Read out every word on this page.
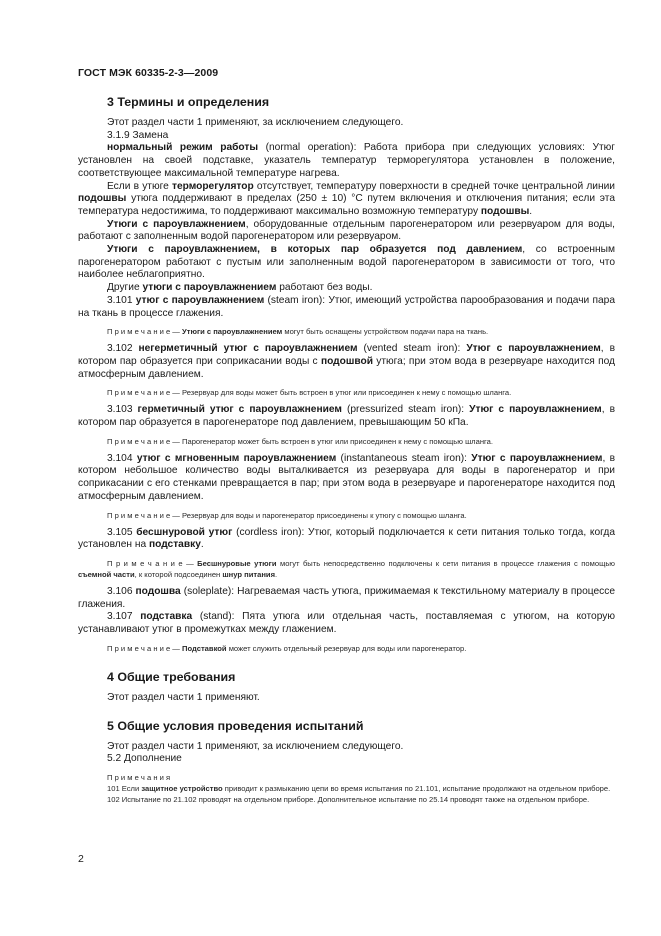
ГОСТ МЭК 60335-2-3—2009
3 Термины и определения

Этот раздел части 1 применяют, за исключением следующего.

3.1.9 Замена

нормальный режим работы (normal operation): Работа прибора при следующих условиях: Утюг установлен на своей подставке, указатель температур терморегулятора установлен в положение, соответствующее максимальной температуре нагрева.

Если в утюге терморегулятор отсутствует, температуру поверхности в средней точке центральной линии подошвы утюга поддерживают в пределах (250 ± 10) °С путем включения и отключения питания; если эта температура недостижима, то поддерживают максимально возможную температуру подошвы.

Утюги с пароувлажнением, оборудованные отдельным парогенератором или резервуаром для воды, работают с заполненным водой парогенератором или резервуаром.

Утюги с пароувлажнением, в которых пар образуется под давлением, со встроенным парогенератором работают с пустым или заполненным водой парогенератором в зависимости от того, что наиболее неблагоприятно.

Другие утюги с пароувлажнением работают без воды.

3.101 утюг с пароувлажнением (steam iron): Утюг, имеющий устройства парообразования и подачи пара на ткань в процессе глажения.

П р и м е ч а н и е — Утюги с пароувлажнением могут быть оснащены устройством подачи пара на ткань.

3.102 негерметичный утюг с пароувлажнением (vented steam iron): Утюг с пароувлажнением, в котором пар образуется при соприкасании воды с подошвой утюга; при этом вода в резервуаре находится под атмосферным давлением.

П р и м е ч а н и е — Резервуар для воды может быть встроен в утюг или присоединен к нему с помощью шланга.

3.103 герметичный утюг с пароувлажнением (pressurized steam iron): Утюг с пароувлажнением, в котором пар образуется в парогенераторе под давлением, превышающим 50 кПа.

П р и м е ч а н и е — Парогенератор может быть встроен в утюг или присоединен к нему с помощью шланга.

3.104 утюг с мгновенным пароувлажнением (instantaneous steam iron): Утюг с пароувлажнением, в котором небольшое количество воды выталкивается из резервуара для воды в парогенератор и при соприкасании с его стенками превращается в пар; при этом вода в резервуаре и парогенераторе находится под атмосферным давлением.

П р и м е ч а н и е — Резервуар для воды и парогенератор присоединены к утюгу с помощью шланга.

3.105 бесшнуровой утюг (cordless iron): Утюг, который подключается к сети питания только тогда, когда установлен на подставку.

П р и м е ч а н и е — Бесшнуровые утюги могут быть непосредственно подключены к сети питания в процессе глажения с помощью съемной части, к которой подсоединен шнур питания.

3.106 подошва (soleplate): Нагреваемая часть утюга, прижимаемая к текстильному материалу в процессе глажения.

3.107 подставка (stand): Пята утюга или отдельная часть, поставляемая с утюгом, на которую устанавливают утюг в промежутках между глажением.

П р и м е ч а н и е — Подставкой может служить отдельный резервуар для воды или парогенератор.

4 Общие требования

Этот раздел части 1 применяют.

5 Общие условия проведения испытаний

Этот раздел части 1 применяют, за исключением следующего.

5.2 Дополнение

П р и м е ч а н и я

101 Если защитное устройство приводит к размыканию цепи во время испытания по 21.101, испытание продолжают на отдельном приборе.

102 Испытание по 21.102 проводят на отдельном приборе. Дополнительное испытание по 25.14 проводят также на отдельном приборе.

2
